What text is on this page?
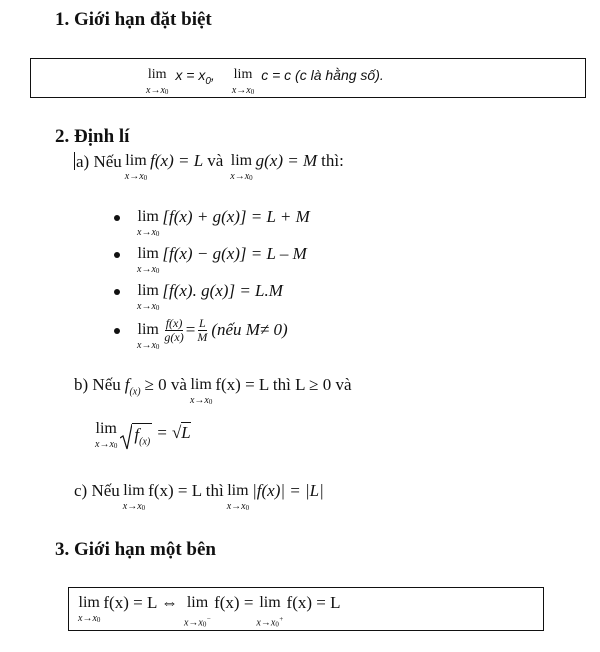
1. Giới hạn đặt biệt
lim
$x\to x_0$
$x = x_0$, lim
$x\to x_0$
c = c (c là hằng số).
2. Định lí
a) Nếu lim
$x\to x_0$
f(x) = L và lim
$x\to x_0$
g(x) = M thì:
lim
$x\to x_0$
[f(x) + g(x)] = L + M
lim
$x\to x_0$
[f(x) − g(x)] = L – M
lim
$x\to x_0$
[f(x). g(x)] = L.M
lim
$x\to x_0$
$\frac{f(x)}{g(x)} = \frac{L}{M}$ (nếu M≠ 0)
b) Nếu $f_{(x)} \ge 0$ và lim
$x\to x_0$
f(x) = L thì L ≥ 0 và
lim
$x\to x_0$
$f_{(x)} = √L$
c) Nếu lim
$x\to x_0$
f(x) = L thì lim
$x\to x_0$
|f(x)| = |L|
3. Giới hạn một bên
lim
$x\to x_0$
f(x) = L ⇔ lim
$x\to x_0^-$
f(x) = lim
$x\to x_0^+$
f(x) = L
